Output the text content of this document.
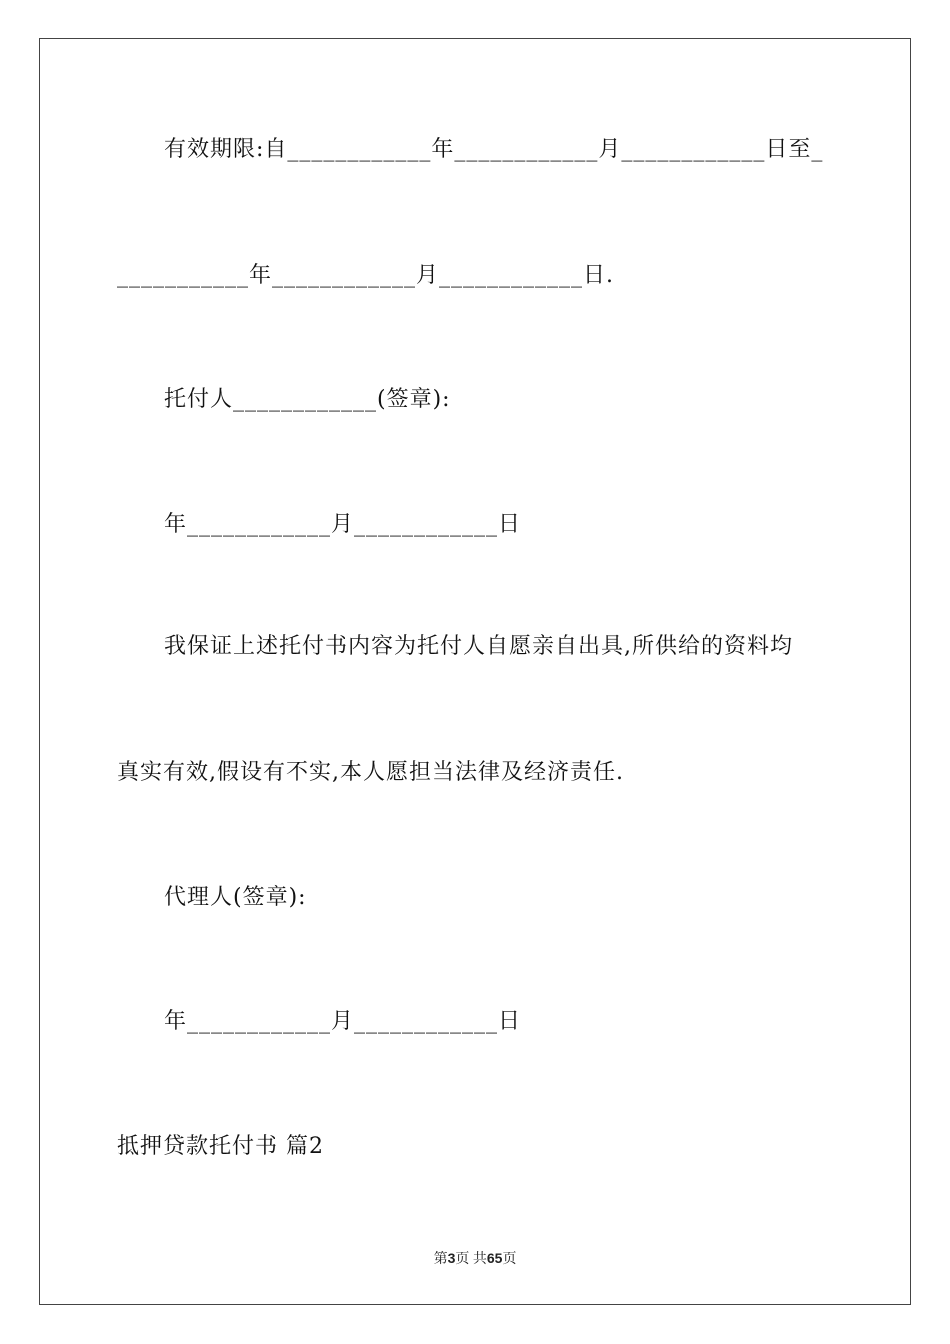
有效期限:自____________年____________月____________日至_
___________年____________月____________日.
托付人____________(签章):
年____________月____________日
我保证上述托付书内容为托付人自愿亲自出具,所供给的资料均
真实有效,假设有不实,本人愿担当法律及经济责任.
代理人(签章):
年____________月____________日
抵押贷款托付书 篇2
第3页 共65页
